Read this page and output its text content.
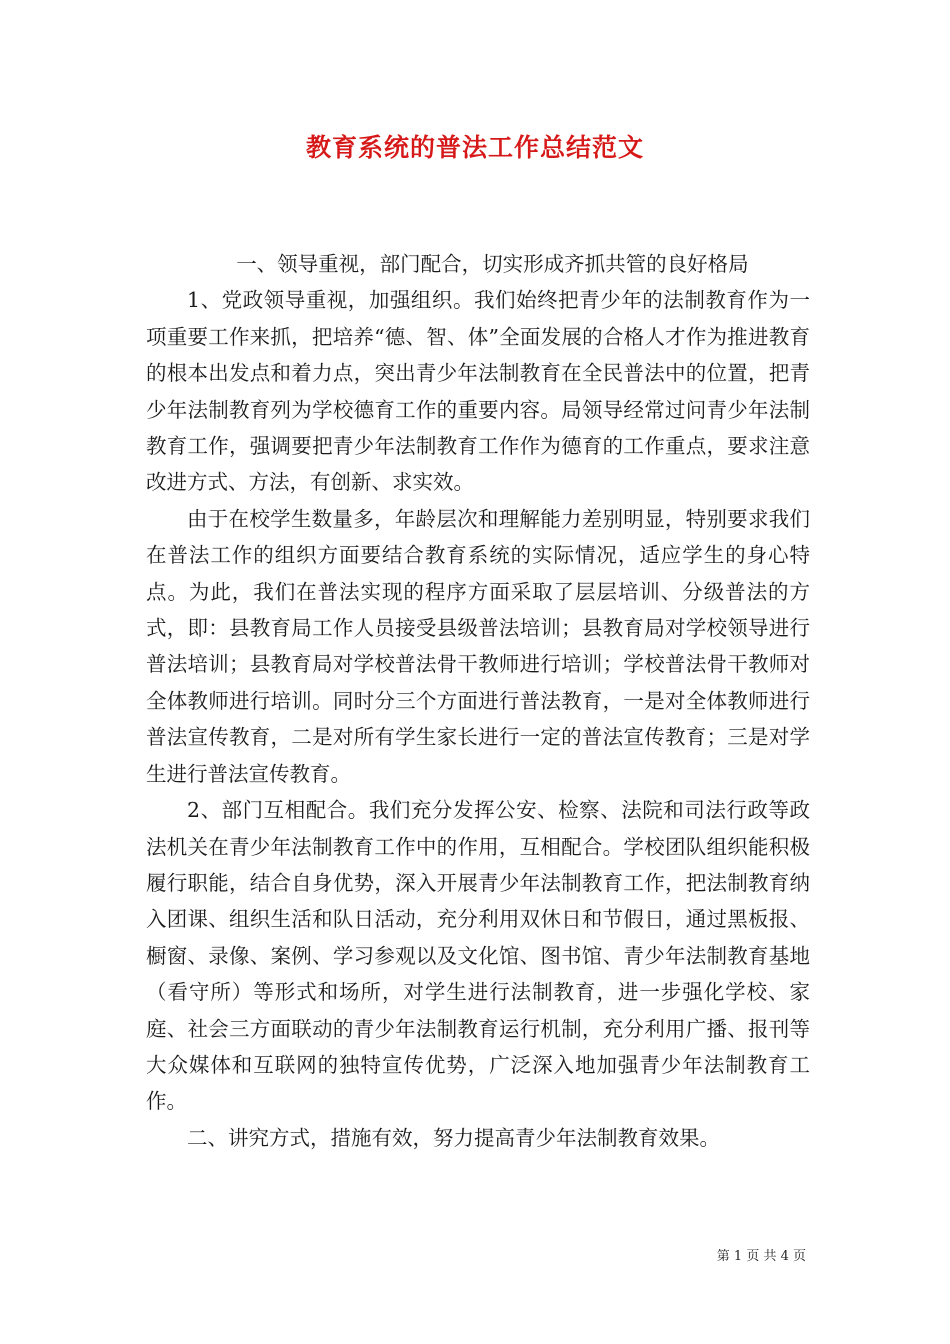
教育系统的普法工作总结范文

一、领导重视，部门配合，切实形成齐抓共管的良好格局

1、党政领导重视，加强组织。我们始终把青少年的法制教育作为一项重要工作来抓，把培养“德、智、体”全面发展的合格人才作为推进教育的根本出发点和着力点，突出青少年法制教育在全民普法中的位置，把青少年法制教育列为学校德育工作的重要内容。局领导经常过问青少年法制教育工作，强调要把青少年法制教育工作作为德育的工作重点，要求注意改进方式、方法，有创新、求实效。

由于在校学生数量多，年龄层次和理解能力差别明显，特别要求我们在普法工作的组织方面要结合教育系统的实际情况，适应学生的身心特点。为此，我们在普法实现的程序方面采取了层层培训、分级普法的方式，即：县教育局工作人员接受县级普法培训；县教育局对学校领导进行普法培训；县教育局对学校普法骨干教师进行培训；学校普法骨干教师对全体教师进行培训。同时分三个方面进行普法教育，一是对全体教师进行普法宣传教育，二是对所有学生家长进行一定的普法宣传教育；三是对学生进行普法宣传教育。

2、部门互相配合。我们充分发挥公安、检察、法院和司法行政等政法机关在青少年法制教育工作中的作用，互相配合。学校团队组织能积极履行职能，结合自身优势，深入开展青少年法制教育工作，把法制教育纳入团课、组织生活和队日活动，充分利用双休日和节假日，通过黑板报、橱窗、录像、案例、学习参观以及文化馆、图书馆、青少年法制教育基地（看守所）等形式和场所，对学生进行法制教育，进一步强化学校、家庭、社会三方面联动的青少年法制教育运行机制，充分利用广播、报刊等大众媒体和互联网的独特宣传优势，广泛深入地加强青少年法制教育工作。

二、讲究方式，措施有效，努力提高青少年法制教育效果。

第 1 页 共 4 页
